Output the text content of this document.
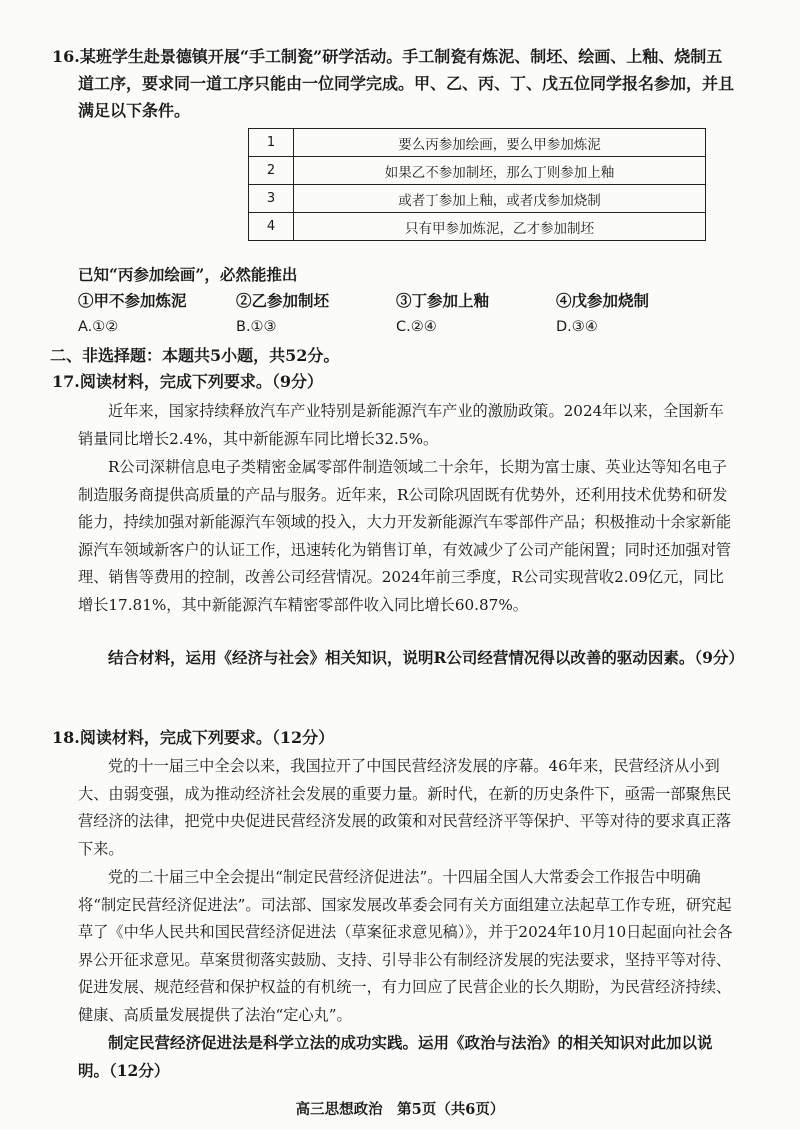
16.某班学生赴景德镇开展“手工制瓷”研学活动。手工制瓷有炼泥、制坯、绘画、上釉、烧制五
道工序，要求同一道工序只能由一位同学完成。甲、乙、丙、丁、戊五位同学报名参加，并且
满足以下条件。
1	要么丙参加绘画，要么甲参加炼泥
2	如果乙不参加制坯，那么丁则参加上釉
3	或者丁参加上釉，或者戊参加烧制
4	只有甲参加炼泥，乙才参加制坯
已知“丙参加绘画”，必然能推出
①甲不参加炼泥	②乙参加制坯	③丁参加上釉	④戊参加烧制
A.①②	B.①③	C.②④	D.③④
二、非选择题：本题共5小题，共52分。
17.阅读材料，完成下列要求。（9分）
近年来，国家持续释放汽车产业特别是新能源汽车产业的激励政策。2024年以来，全国新车销量同比增长2.4%，其中新能源车同比增长32.5%。
R公司深耕信息电子类精密金属零部件制造领域二十余年，长期为富士康、英业达等知名电子制造服务商提供高质量的产品与服务。近年来，R公司除巩固既有优势外，还利用技术优势和研发能力，持续加强对新能源汽车领域的投入，大力开发新能源汽车零部件产品；积极推动十余家新能源汽车领域新客户的认证工作，迅速转化为销售订单，有效减少了公司产能闲置；同时还加强对管理、销售等费用的控制，改善公司经营情况。2024年前三季度，R公司实现营收2.09亿元，同比增长17.81%，其中新能源汽车精密零部件收入同比增长60.87%。
结合材料，运用《经济与社会》相关知识，说明R公司经营情况得以改善的驱动因素。（9分）
18.阅读材料，完成下列要求。（12分）
党的十一届三中全会以来，我国拉开了中国民营经济发展的序幕。46年来，民营经济从小到大、由弱变强，成为推动经济社会发展的重要力量。新时代，在新的历史条件下，亟需一部聚焦民营经济的法律，把党中央促进民营经济发展的政策和对民营经济平等保护、平等对待的要求真正落下来。
党的二十届三中全会提出“制定民营经济促进法”。十四届全国人大常委会工作报告中明确将“制定民营经济促进法”。司法部、国家发展改革委会同有关方面组建立法起草工作专班，研究起草了《中华人民共和国民营经济促进法（草案征求意见稿）》，并于2024年10月10日起面向社会各界公开征求意见。草案贯彻落实鼓励、支持、引导非公有制经济发展的宪法要求，坚持平等对待、促进发展、规范经营和保护权益的有机统一，有力回应了民营企业的长久期盼，为民营经济持续、健康、高质量发展提供了法治“定心丸”。
制定民营经济促进法是科学立法的成功实践。运用《政治与法治》的相关知识对此加以说明。（12分）
高三思想政治　第5页（共6页）
